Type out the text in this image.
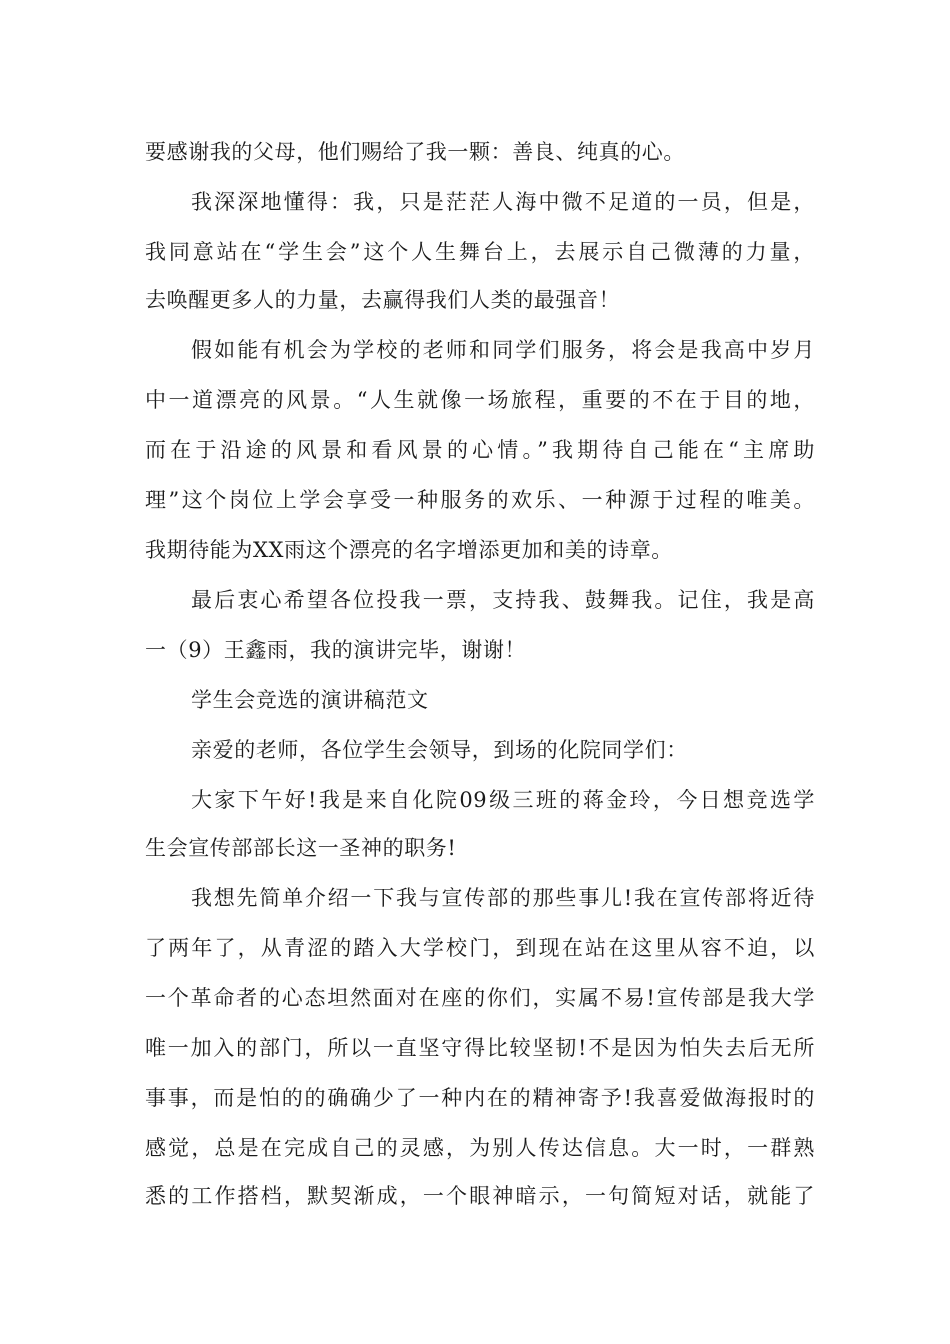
要感谢我的父母，他们赐给了我一颗：善良、纯真的心。
我深深地懂得：我，只是茫茫人海中微不足道的一员，但是，
我同意站在“学生会”这个人生舞台上，去展示自己微薄的力量，
去唤醒更多人的力量，去赢得我们人类的最强音！
假如能有机会为学校的老师和同学们服务，将会是我高中岁月
中一道漂亮的风景。“人生就像一场旅程，重要的不在于目的地，
而在于沿途的风景和看风景的心情。”我期待自己能在“主席助
理”这个岗位上学会享受一种服务的欢乐、一种源于过程的唯美。
我期待能为XX雨这个漂亮的名字增添更加和美的诗章。
最后衷心希望各位投我一票，支持我、鼓舞我。记住，我是高
一（9）王鑫雨，我的演讲完毕，谢谢！
学生会竞选的演讲稿范文
亲爱的老师，各位学生会领导，到场的化院同学们：
大家下午好!我是来自化院09级三班的蒋金玲，今日想竞选学
生会宣传部部长这一圣神的职务!
我想先简单介绍一下我与宣传部的那些事儿!我在宣传部将近待
了两年了，从青涩的踏入大学校门，到现在站在这里从容不迫，以
一个革命者的心态坦然面对在座的你们，实属不易!宣传部是我大学
唯一加入的部门，所以一直坚守得比较坚韧!不是因为怕失去后无所
事事，而是怕的的确确少了一种内在的精神寄予!我喜爱做海报时的
感觉，总是在完成自己的灵感，为别人传达信息。大一时，一群熟
悉的工作搭档，默契渐成，一个眼神暗示，一句简短对话，就能了
